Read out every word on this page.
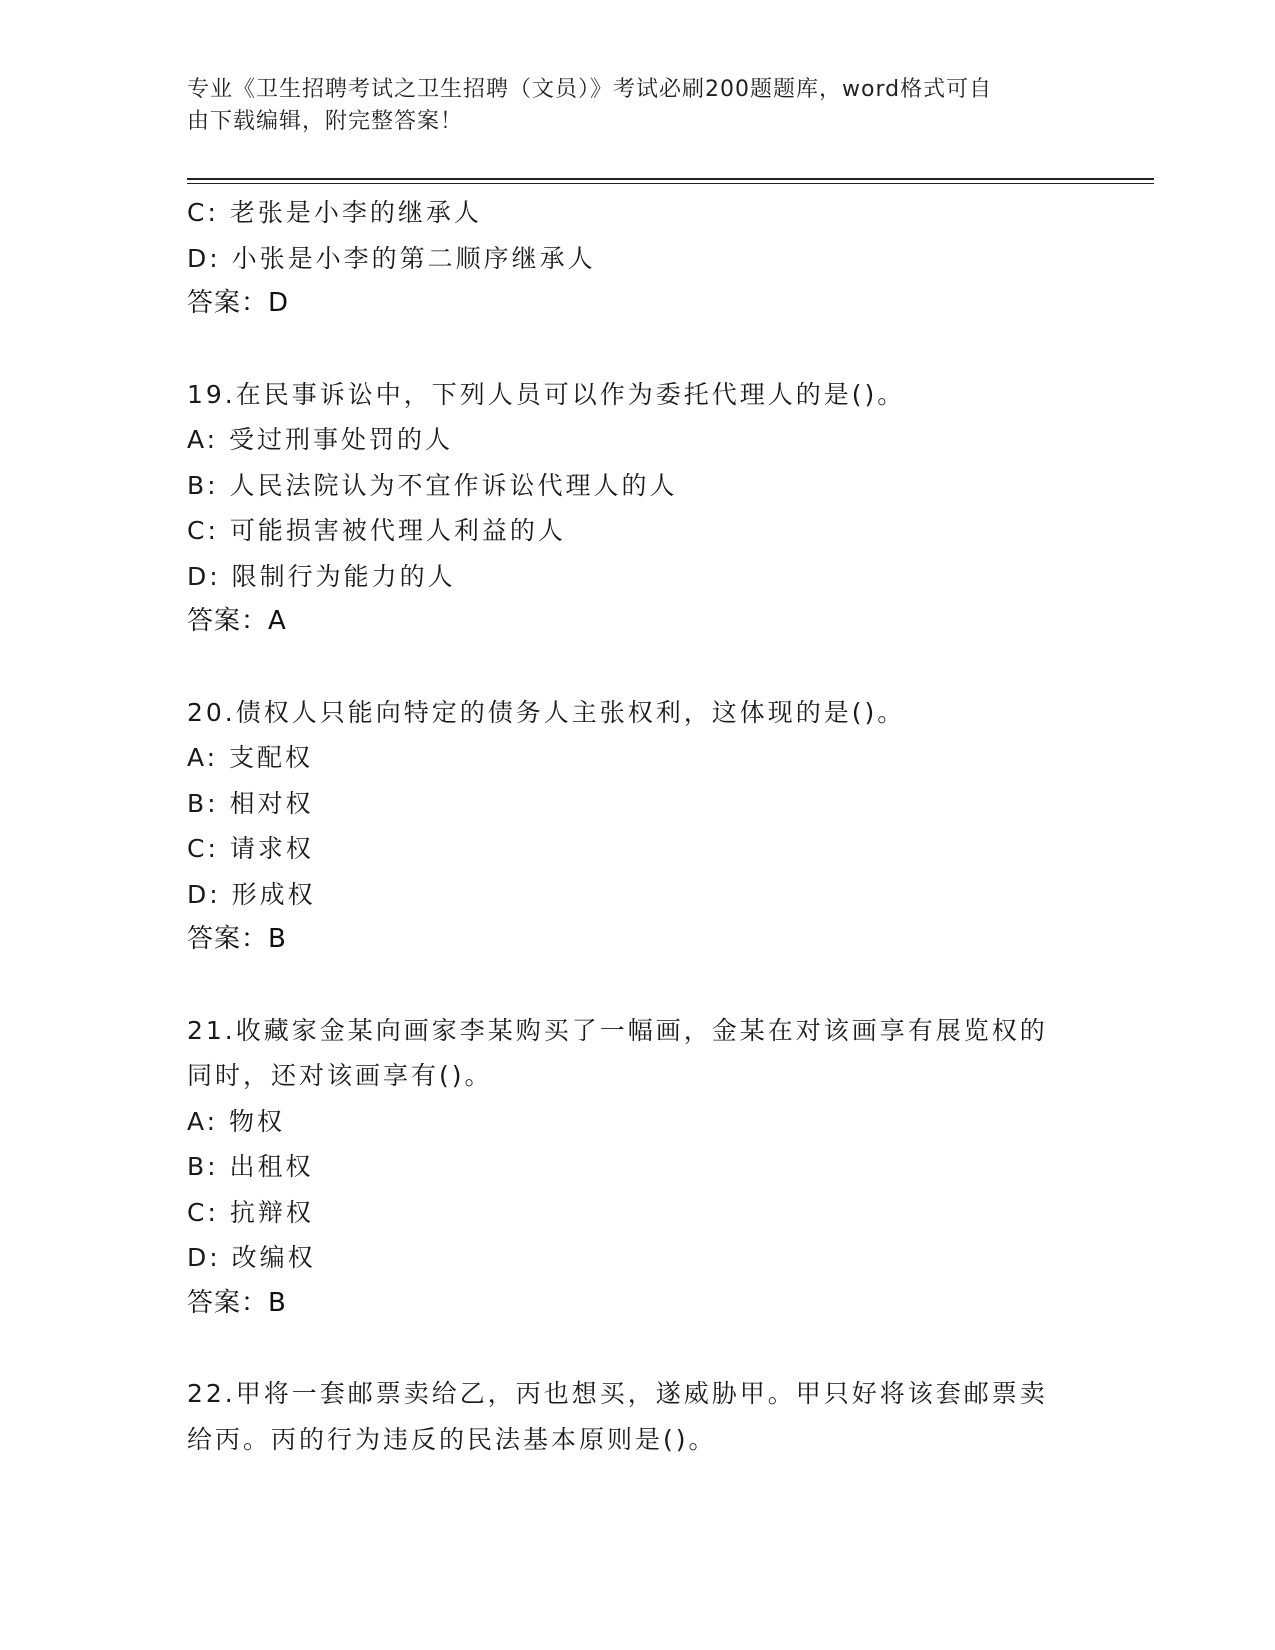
专业《卫生招聘考试之卫生招聘（文员）》考试必刷200题题库，word格式可自
由下载编辑，附完整答案！
C: 老张是小李的继承人
D: 小张是小李的第二顺序继承人
答案：D
19.在民事诉讼中，下列人员可以作为委托代理人的是()。
A: 受过刑事处罚的人
B: 人民法院认为不宜作诉讼代理人的人
C: 可能损害被代理人利益的人
D: 限制行为能力的人
答案：A
20.债权人只能向特定的债务人主张权利，这体现的是()。
A: 支配权
B: 相对权
C: 请求权
D: 形成权
答案：B
21.收藏家金某向画家李某购买了一幅画，金某在对该画享有展览权的
同时，还对该画享有()。
A: 物权
B: 出租权
C: 抗辩权
D: 改编权
答案：B
22.甲将一套邮票卖给乙，丙也想买，遂威胁甲。甲只好将该套邮票卖
给丙。丙的行为违反的民法基本原则是()。
